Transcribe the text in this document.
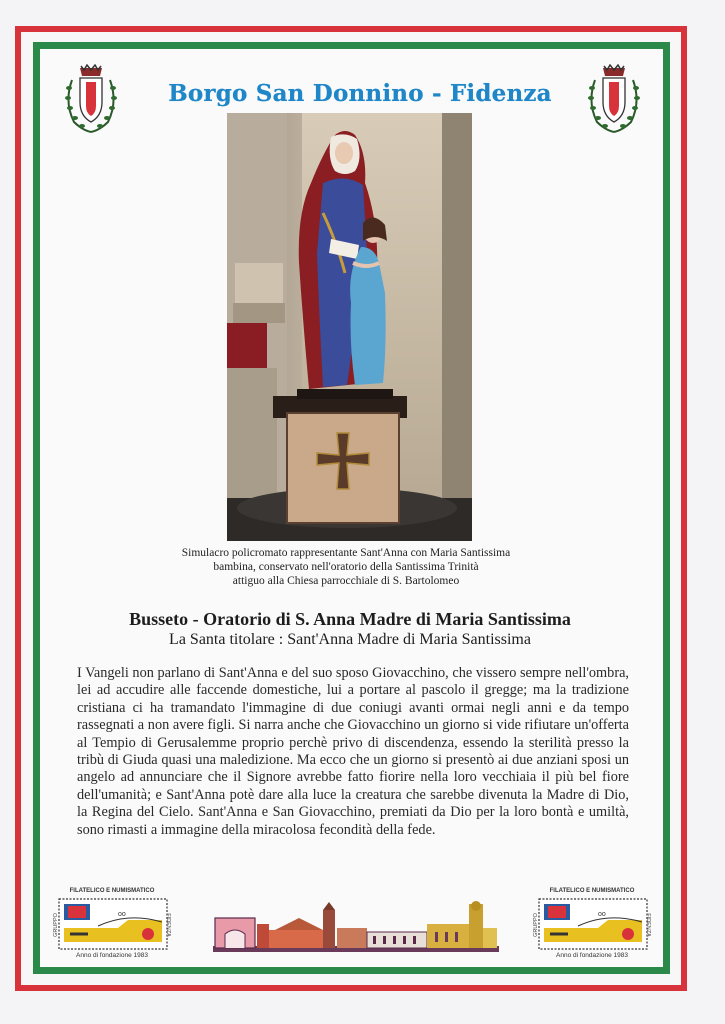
Borgo San Donnino - Fidenza
Simulacro policromato rappresentante Sant'Anna con Maria Santissima
bambina, conservato nell'oratorio della Santissima Trinità
attiguo alla Chiesa parrocchiale di S. Bartolomeo
Busseto - Oratorio di S. Anna Madre di Maria Santissima
La Santa titolare : Sant'Anna Madre di Maria Santissima

I Vangeli non parlano di Sant'Anna e del suo sposo Giovacchino, che vissero sempre nell'ombra, lei ad accudire alle faccende domestiche, lui a portare al pascolo il gregge; ma la tradizione cristiana ci ha tramandato l'immagine di due coniugi avanti ormai negli anni e da tempo rassegnati a non avere figli. Si narra anche che Giovacchino un giorno si vide rifiutare un'offerta al Tempio di Gerusalemme proprio perchè privo di discendenza, essendo la sterilità presso la tribù di Giuda quasi una maledizione. Ma ecco che un giorno si presentò ai due anziani sposi un angelo ad annunciare che il Signore avrebbe fatto fiorire nella loro vecchiaia il più bel fiore dell'umanità; e Sant'Anna potè dare alla luce la creatura che sarebbe divenuta la Madre di Dio, la Regina del Cielo. Sant'Anna e San Giovacchino, premiati da Dio per la loro bontà e umiltà, sono rimasti a immagine della miracolosa fecondità della fede.

FILATELICO E NUMISMATICO
GRUPPO	oo	FIDENZA
Anno di fondazione 1983
FILATELICO E NUMISMATICO
GRUPPO	oo	FIDENZA
Anno di fondazione 1983
